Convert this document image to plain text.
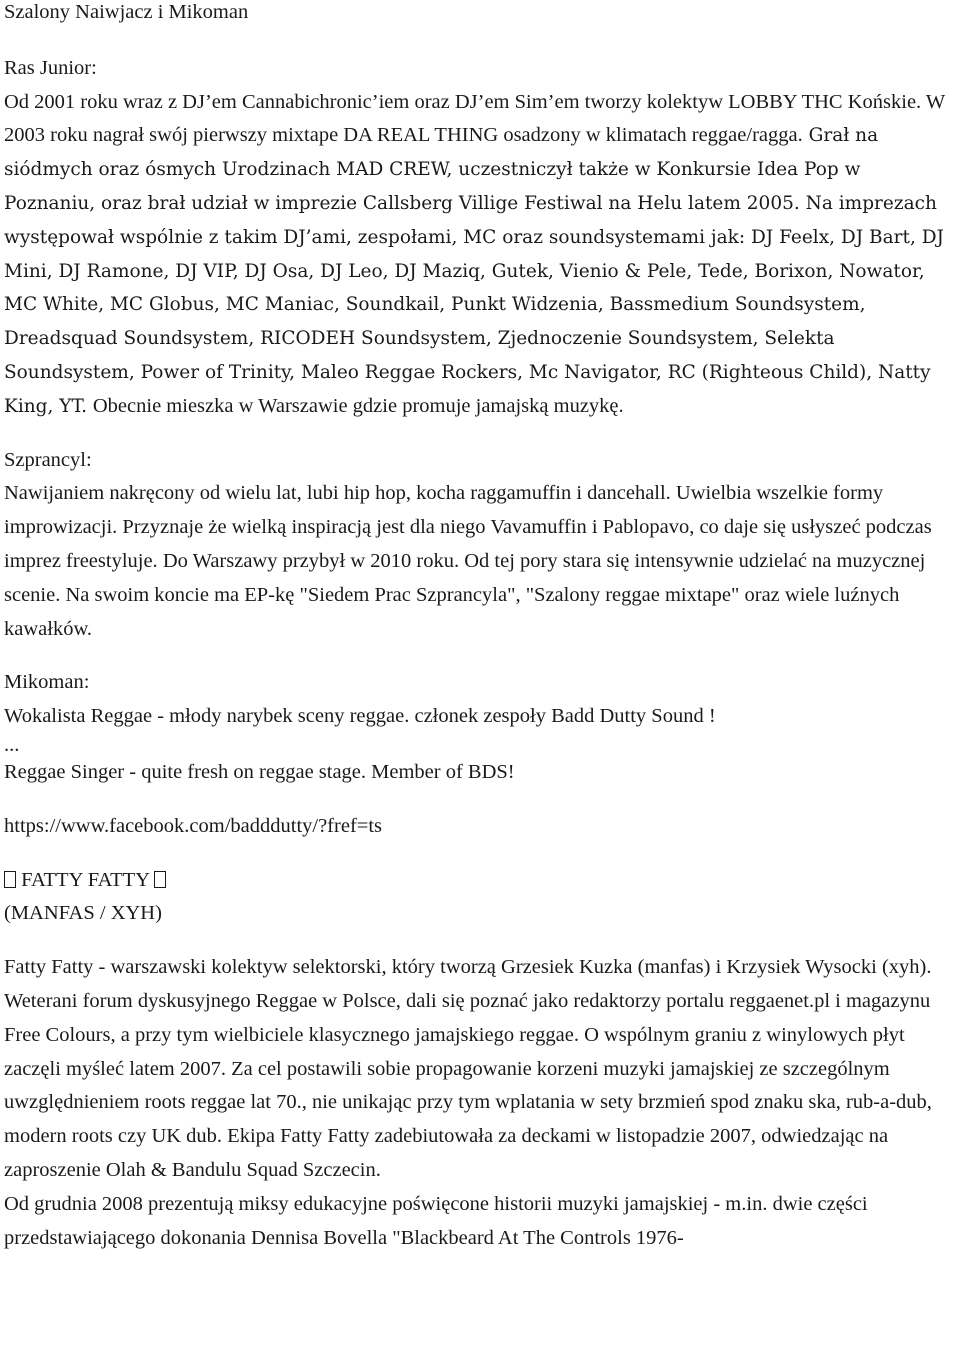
Szalony Naiwjacz i Mikoman
Ras Junior:

Od 2001 roku wraz z DJ’em Cannabichronic’iem oraz DJ’em Sim’em tworzy kolektyw LOBBY THC Końskie. W 2003 roku nagrał swój pierwszy mixtape DA REAL THING osadzony w klimatach reggae/ragga. Grał na siódmych oraz ósmych Urodzinach MAD CREW, uczestniczył także w Konkursie Idea Pop w Poznaniu, oraz brał udział w imprezie Callsberg Villige Festiwal na Helu latem 2005. Na imprezach występował wspólnie z takim DJ’ami, zespołami, MC oraz soundsystemami jak: DJ Feelx, DJ Bart, DJ Mini, DJ Ramone, DJ VIP, DJ Osa, DJ Leo, DJ Maziq, Gutek, Vienio & Pele, Tede, Borixon, Nowator, MC White, MC Globus, MC Maniac, Soundkail, Punkt Widzenia, Bassmedium Soundsystem, Dreadsquad Soundsystem, RICODEH Soundsystem, Zjednoczenie Soundsystem, Selekta Soundsystem, Power of Trinity, Maleo Reggae Rockers, Mc Navigator, RC (Righteous Child), Natty King, YT. Obecnie mieszka w Warszawie gdzie promuje jamajską muzykę.

Szprancyl:

Nawijaniem nakręcony od wielu lat, lubi hip hop, kocha raggamuffin i dancehall. Uwielbia wszelkie formy improwizacji. Przyznaje że wielką inspiracją jest dla niego Vavamuffin i Pablopavo, co daje się usłyszeć podczas imprez freestyluje. Do Warszawy przybył w 2010 roku. Od tej pory stara się intensywnie udzielać na muzycznej scenie. Na swoim koncie ma EP-kę "Siedem Prac Szprancyla", "Szalony reggae mixtape" oraz wiele luźnych kawałków.

Mikoman:
Wokalista Reggae - młody narybek sceny reggae. członek zespoły Badd Dutty Sound !
...
Reggae Singer - quite fresh on reggae stage. Member of BDS!
https://www.facebook.com/badddutty/?fref=ts
FATTY FATTY
(MANFAS / XYH)

Fatty Fatty - warszawski kolektyw selektorski, który tworzą Grzesiek Kuzka (manfas) i Krzysiek Wysocki (xyh). Weterani forum dyskusyjnego Reggae w Polsce, dali się poznać jako redaktorzy portalu reggaenet.pl i magazynu Free Colours, a przy tym wielbiciele klasycznego jamajskiego reggae. O wspólnym graniu z winylowych płyt zaczęli myśleć latem 2007. Za cel postawili sobie propagowanie korzeni muzyki jamajskiej ze szczególnym uwzględnieniem roots reggae lat 70., nie unikając przy tym wplatania w sety brzmień spod znaku ska, rub-a-dub, modern roots czy UK dub. Ekipa Fatty Fatty zadebiutowała za deckami w listopadzie 2007, odwiedzając na zaproszenie Olah & Bandulu Squad Szczecin.

Od grudnia 2008 prezentują miksy edukacyjne poświęcone historii muzyki jamajskiej - m.in. dwie części przedstawiającego dokonania Dennisa Bovella "Blackbeard At The Controls 1976-
